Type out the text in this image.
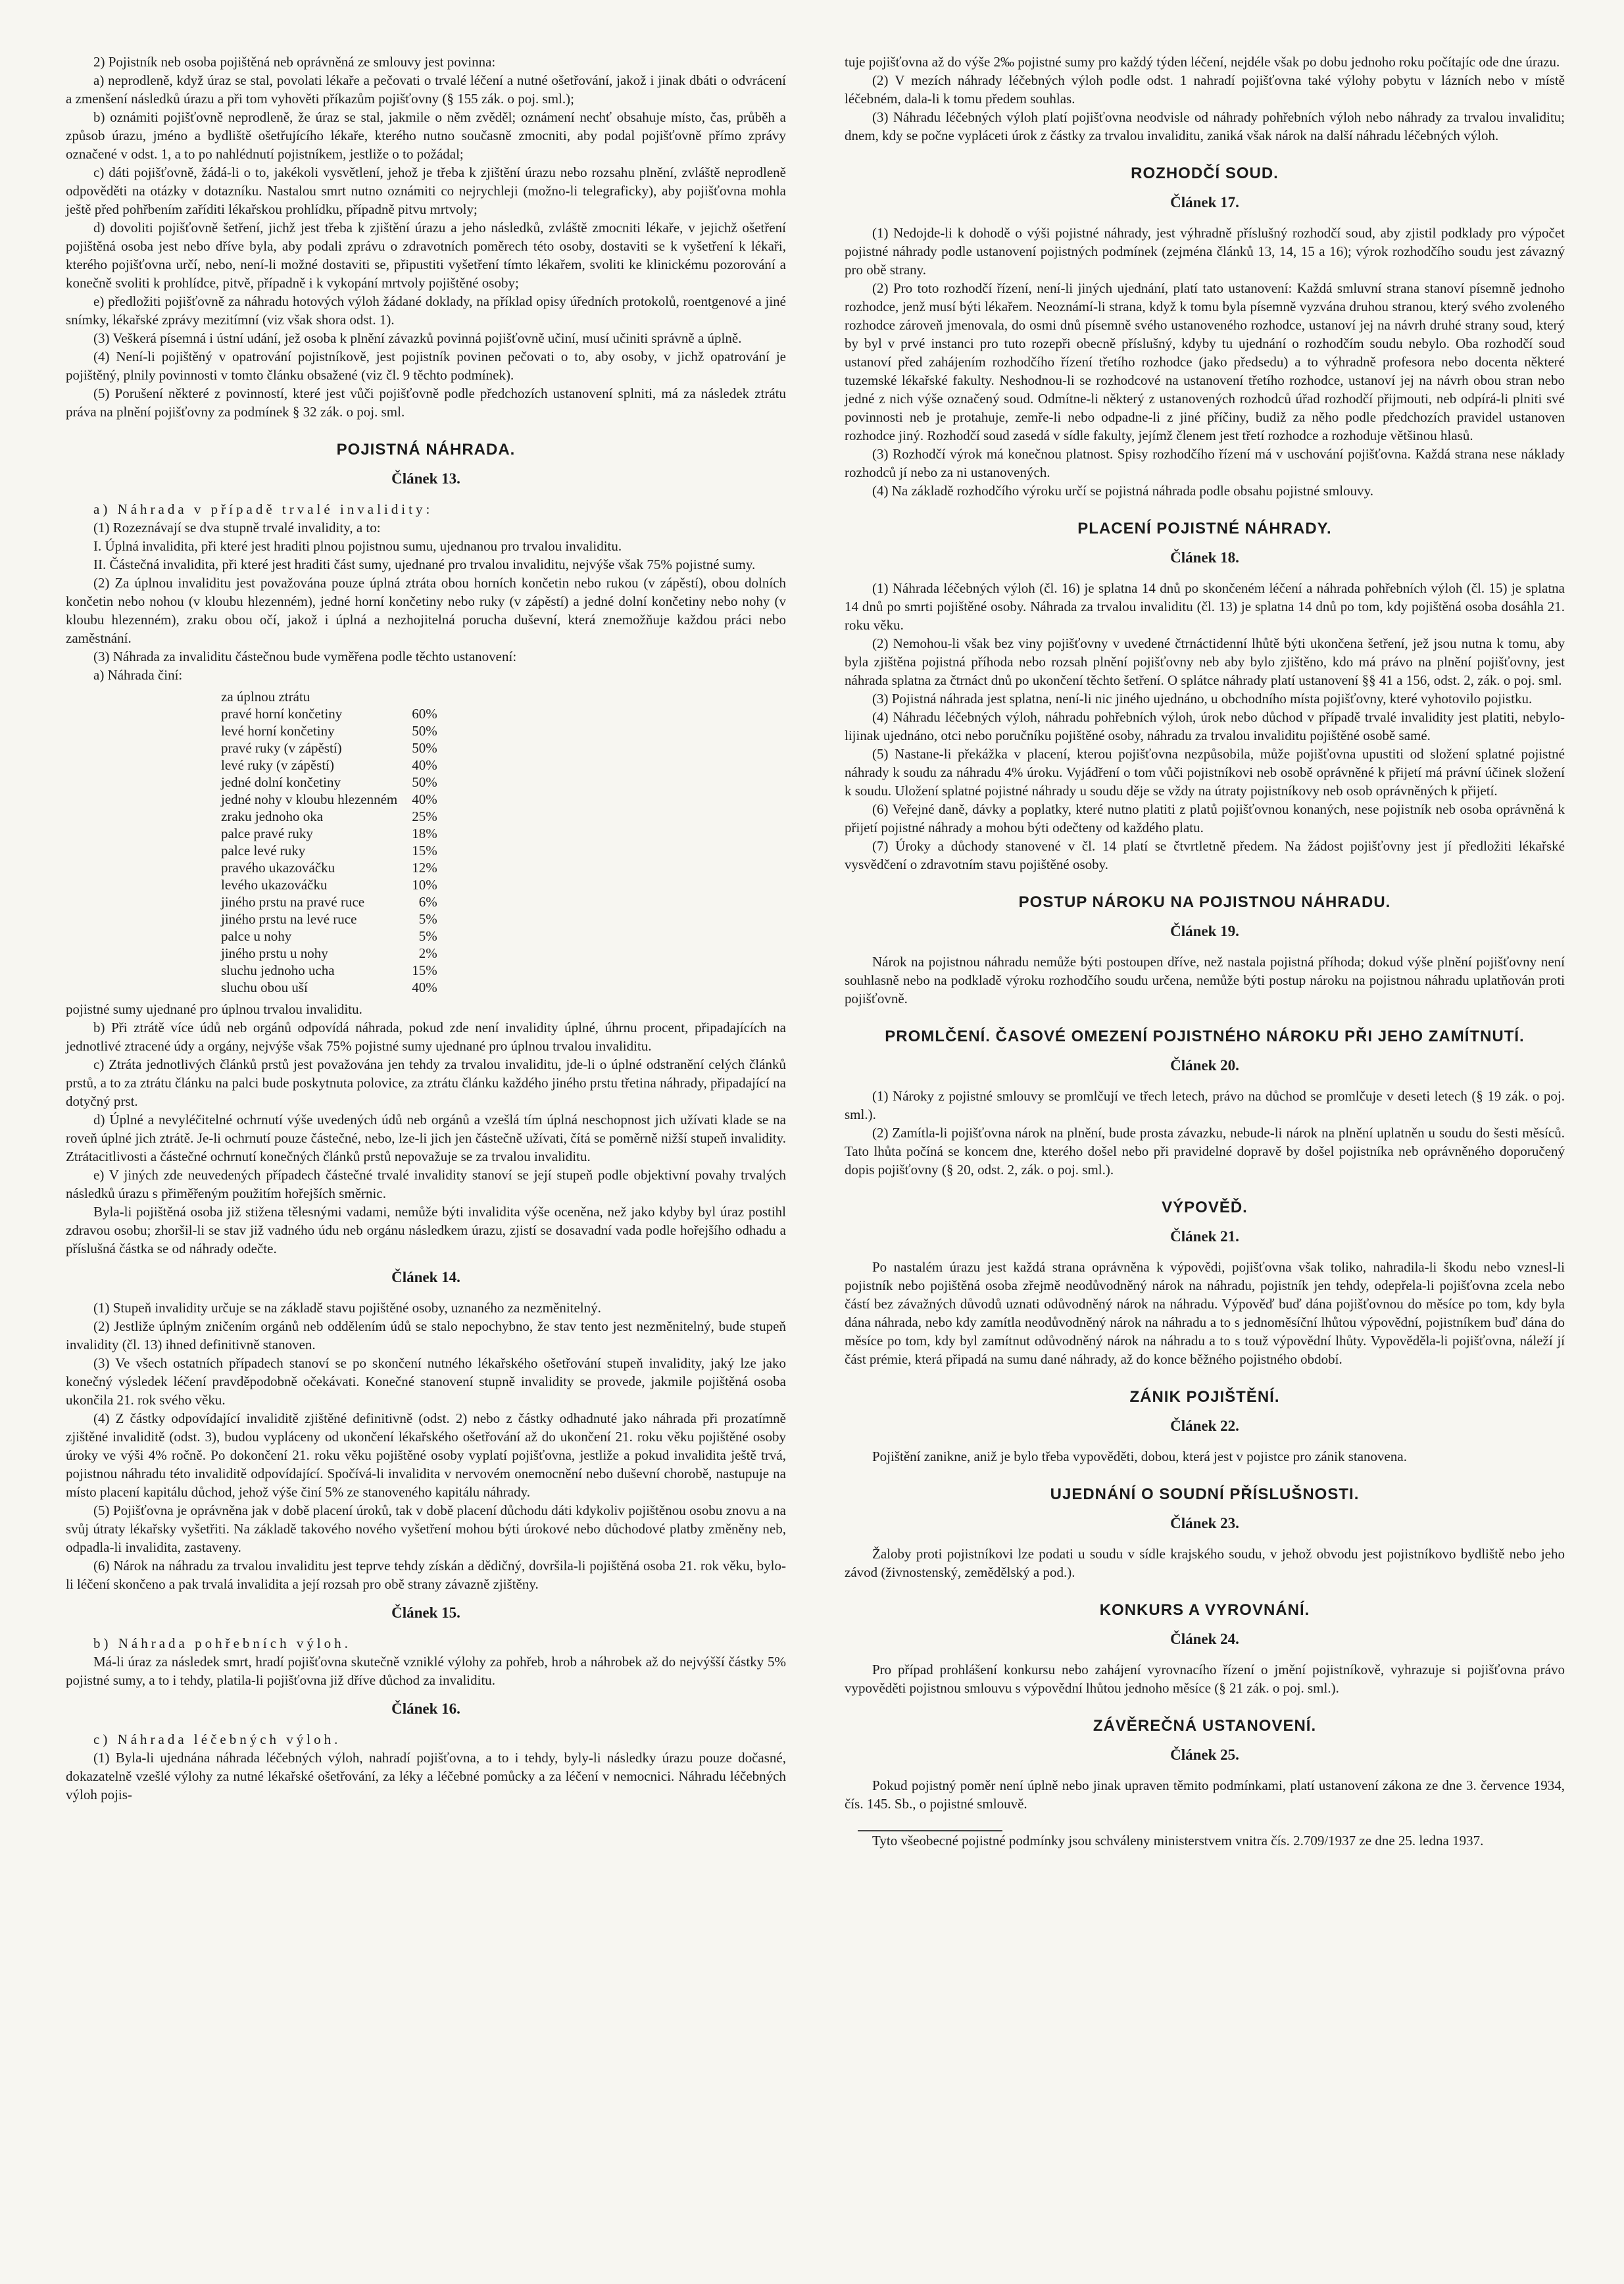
2) Pojistník neb osoba pojištěná neb oprávněná ze smlouvy jest povinna:

a) neprodleně, když úraz se stal, povolati lékaře a pečovati o trvalé léčení a nutné ošetřování, jakož i jinak dbáti o odvrácení a zmenšení následků úrazu a při tom vyhověti příkazům pojišťovny (§ 155 zák. o poj. sml.);

b) oznámiti pojišťovně neprodleně, že úraz se stal, jakmile o něm zvěděl; oznámení nechť obsahuje místo, čas, průběh a způsob úrazu, jméno a bydliště ošetřujícího lékaře, kterého nutno současně zmocniti, aby podal pojišťovně přímo zprávy označené v odst. 1, a to po nahlédnutí pojistníkem, jestliže o to požádal;

c) dáti pojišťovně, žádá-li o to, jakékoli vysvětlení, jehož je třeba k zjištění úrazu nebo rozsahu plnění, zvláště neprodleně odpověděti na otázky v dotazníku. Nastalou smrt nutno oznámiti co nejrychleji (možno-li telegraficky), aby pojišťovna mohla ještě před pohřbením zaříditi lékařskou prohlídku, případně pitvu mrtvoly;

d) dovoliti pojišťovně šetření, jichž jest třeba k zjištění úrazu a jeho následků, zvláště zmocniti lékaře, v jejichž ošetření pojištěná osoba jest nebo dříve byla, aby podali zprávu o zdravotních poměrech této osoby, dostaviti se k vyšetření k lékaři, kterého pojišťovna určí, nebo, není-li možné dostaviti se, připustiti vyšetření tímto lékařem, svoliti ke klinickému pozorování a konečně svoliti k prohlídce, pitvě, případně i k vykopání mrtvoly pojištěné osoby;

e) předložiti pojišťovně za náhradu hotových výloh žádané doklady, na příklad opisy úředních protokolů, roentgenové a jiné snímky, lékařské zprávy mezitímní (viz však shora odst. 1).

(3) Veškerá písemná i ústní udání, jež osoba k plnění závazků povinná pojišťovně učiní, musí učiniti správně a úplně.

(4) Není-li pojištěný v opatrování pojistníkově, jest pojistník povinen pečovati o to, aby osoby, v jichž opatrování je pojištěný, plnily povinnosti v tomto článku obsažené (viz čl. 9 těchto podmínek).

(5) Porušení některé z povinností, které jest vůči pojišťovně podle předchozích ustanovení splniti, má za následek ztrátu práva na plnění pojišťovny za podmínek § 32 zák. o poj. sml.

POJISTNÁ NÁHRADA.
Článek 13.

a) Náhrada v případě trvalé invalidity:

(1) Rozeznávají se dva stupně trvalé invalidity, a to:

I. Úplná invalidita, při které jest hraditi plnou pojistnou sumu, ujednanou pro trvalou invaliditu.

II. Částečná invalidita, při které jest hraditi část sumy, ujednané pro trvalou invaliditu, nejvýše však 75% pojistné sumy.

(2) Za úplnou invaliditu jest považována pouze úplná ztráta obou horních končetin nebo rukou (v zápěstí), obou dolních končetin nebo nohou (v kloubu hlezenném), jedné horní končetiny nebo ruky (v zápěstí) a jedné dolní končetiny nebo nohy (v kloubu hlezenném), zraku obou očí, jakož i úplná a nezhojitelná porucha duševní, která znemožňuje každou práci nebo zaměstnání.

(3) Náhrada za invaliditu částečnou bude vyměřena podle těchto ustanovení:

a) Náhrada činí:

za úplnou ztrátu	
pravé horní končetiny	60%
levé horní končetiny	50%
pravé ruky (v zápěstí)	50%
levé ruky (v zápěstí)	40%
jedné dolní končetiny	50%
jedné nohy v kloubu hlezenném	40%
zraku jednoho oka	25%
palce pravé ruky	18%
palce levé ruky	15%
pravého ukazováčku	12%
levého ukazováčku	10%
jiného prstu na pravé ruce	6%
jiného prstu na levé ruce	5%
palce u nohy	5%
jiného prstu u nohy	2%
sluchu jednoho ucha	15%
sluchu obou uší	40%

pojistné sumy ujednané pro úplnou trvalou invaliditu.

b) Při ztrátě více údů neb orgánů odpovídá náhrada, pokud zde není invalidity úplné, úhrnu procent, připadajících na jednotlivé ztracené údy a orgány, nejvýše však 75% pojistné sumy ujednané pro úplnou trvalou invaliditu.

c) Ztráta jednotlivých článků prstů jest považována jen tehdy za trvalou invaliditu, jde-li o úplné odstranění celých článků prstů, a to za ztrátu článku na palci bude poskytnuta polovice, za ztrátu článku každého jiného prstu třetina náhrady, připadající na dotyčný prst.

d) Úplné a nevyléčitelné ochrnutí výše uvedených údů neb orgánů a vzešlá tím úplná neschopnost jich užívati klade se na roveň úplné jich ztrátě. Je-li ochrnutí pouze částečné, nebo, lze-li jich jen částečně užívati, čítá se poměrně nižší stupeň invalidity. Ztrátacitlivosti a částečné ochrnutí konečných článků prstů nepovažuje se za trvalou invaliditu.

e) V jiných zde neuvedených případech částečné trvalé invalidity stanoví se její stupeň podle objektivní povahy trvalých následků úrazu s přiměřeným použitím hořejších směrnic.

Byla-li pojištěná osoba již stižena tělesnými vadami, nemůže býti invalidita výše oceněna, než jako kdyby byl úraz postihl zdravou osobu; zhoršil-li se stav již vadného údu neb orgánu následkem úrazu, zjistí se dosavadní vada podle hořejšího odhadu a příslušná částka se od náhrady odečte.

Článek 14.

(1) Stupeň invalidity určuje se na základě stavu pojištěné osoby, uznaného za nezměnitelný.

(2) Jestliže úplným zničením orgánů neb oddělením údů se stalo nepochybno, že stav tento jest nezměnitelný, bude stupeň invalidity (čl. 13) ihned definitivně stanoven.

(3) Ve všech ostatních případech stanoví se po skončení nutného lékařského ošetřování stupeň invalidity, jaký lze jako konečný výsledek léčení pravděpodobně očekávati. Konečné stanovení stupně invalidity se provede, jakmile pojištěná osoba ukončila 21. rok svého věku.

(4) Z částky odpovídající invaliditě zjištěné definitivně (odst. 2) nebo z částky odhadnuté jako náhrada při prozatímně zjištěné invaliditě (odst. 3), budou vypláceny od ukončení lékařského ošetřování až do ukončení 21. roku věku pojištěné osoby úroky ve výši 4% ročně. Po dokončení 21. roku věku pojištěné osoby vyplatí pojišťovna, jestliže a pokud invalidita ještě trvá, pojistnou náhradu této invaliditě odpovídající. Spočívá-li invalidita v nervovém onemocnění nebo duševní chorobě, nastupuje na místo placení kapitálu důchod, jehož výše činí 5% ze stanoveného kapitálu náhrady.

(5) Pojišťovna je oprávněna jak v době placení úroků, tak v době placení důchodu dáti kdykoliv pojištěnou osobu znovu a na svůj útraty lékařsky vyšetřiti. Na základě takového nového vyšetření mohou býti úrokové nebo důchodové platby změněny neb, odpadla-li invalidita, zastaveny.

(6) Nárok na náhradu za trvalou invaliditu jest teprve tehdy získán a dědičný, dovršila-li pojištěná osoba 21. rok věku, bylo-li léčení skončeno a pak trvalá invalidita a její rozsah pro obě strany závazně zjištěny.

Článek 15.

b) Náhrada pohřebních výloh.

Má-li úraz za následek smrt, hradí pojišťovna skutečně vzniklé výlohy za pohřeb, hrob a náhrobek až do nejvýšší částky 5% pojistné sumy, a to i tehdy, platila-li pojišťovna již dříve důchod za invaliditu.

Článek 16.

c) Náhrada léčebných výloh.

(1) Byla-li ujednána náhrada léčebných výloh, nahradí pojišťovna, a to i tehdy, byly-li následky úrazu pouze dočasné, dokazatelně vzešlé výlohy za nutné lékařské ošetřování, za léky a léčebné pomůcky a za léčení v nemocnici. Náhradu léčebných výloh pojis-

tuje pojišťovna až do výše 2‰ pojistné sumy pro každý týden léčení, nejdéle však po dobu jednoho roku počítajíc ode dne úrazu.

(2) V mezích náhrady léčebných výloh podle odst. 1 nahradí pojišťovna také výlohy pobytu v lázních nebo v místě léčebném, dala-li k tomu předem souhlas.

(3) Náhradu léčebných výloh platí pojišťovna neodvisle od náhrady pohřebních výloh nebo náhrady za trvalou invaliditu; dnem, kdy se počne vypláceti úrok z částky za trvalou invaliditu, zaniká však nárok na další náhradu léčebných výloh.

ROZHODČÍ SOUD.
Článek 17.

(1) Nedojde-li k dohodě o výši pojistné náhrady, jest výhradně příslušný rozhodčí soud, aby zjistil podklady pro výpočet pojistné náhrady podle ustanovení pojistných podmínek (zejména článků 13, 14, 15 a 16); výrok rozhodčího soudu jest závazný pro obě strany.

(2) Pro toto rozhodčí řízení, není-li jiných ujednání, platí tato ustanovení: Každá smluvní strana stanoví písemně jednoho rozhodce, jenž musí býti lékařem. Neoznámí-li strana, když k tomu byla písemně vyzvána druhou stranou, který svého zvoleného rozhodce zároveň jmenovala, do osmi dnů písemně svého ustanoveného rozhodce, ustanoví jej na návrh druhé strany soud, který by byl v prvé instanci pro tuto rozepři obecně příslušný, kdyby tu ujednání o rozhodčím soudu nebylo. Oba rozhodčí soud ustanoví před zahájením rozhodčího řízení třetího rozhodce (jako předsedu) a to výhradně profesora nebo docenta některé tuzemské lékařské fakulty. Neshodnou-li se rozhodcové na ustanovení třetího rozhodce, ustanoví jej na návrh obou stran nebo jedné z nich výše označený soud. Odmítne-li některý z ustanovených rozhodců úřad rozhodčí přijmouti, neb odpírá-li plniti své povinnosti neb je protahuje, zemře-li nebo odpadne-li z jiné příčiny, budiž za něho podle předchozích pravidel ustanoven rozhodce jiný. Rozhodčí soud zasedá v sídle fakulty, jejímž členem jest třetí rozhodce a rozhoduje většinou hlasů.

(3) Rozhodčí výrok má konečnou platnost. Spisy rozhodčího řízení má v uschování pojišťovna. Každá strana nese náklady rozhodců jí nebo za ni ustanovených.

(4) Na základě rozhodčího výroku určí se pojistná náhrada podle obsahu pojistné smlouvy.

PLACENÍ POJISTNÉ NÁHRADY.
Článek 18.

(1) Náhrada léčebných výloh (čl. 16) je splatna 14 dnů po skončeném léčení a náhrada pohřebních výloh (čl. 15) je splatna 14 dnů po smrti pojištěné osoby. Náhrada za trvalou invaliditu (čl. 13) je splatna 14 dnů po tom, kdy pojištěná osoba dosáhla 21. roku věku.

(2) Nemohou-li však bez viny pojišťovny v uvedené čtrnáctidenní lhůtě býti ukončena šetření, jež jsou nutna k tomu, aby byla zjištěna pojistná příhoda nebo rozsah plnění pojišťovny neb aby bylo zjištěno, kdo má právo na plnění pojišťovny, jest náhrada splatna za čtrnáct dnů po ukončení těchto šetření. O splátce náhrady platí ustanovení §§ 41 a 156, odst. 2, zák. o poj. sml.

(3) Pojistná náhrada jest splatna, není-li nic jiného ujednáno, u obchodního místa pojišťovny, které vyhotovilo pojistku.

(4) Náhradu léčebných výloh, náhradu pohřebních výloh, úrok nebo důchod v případě trvalé invalidity jest platiti, nebylo-lijinak ujednáno, otci nebo poručníku pojištěné osoby, náhradu za trvalou invaliditu pojištěné osobě samé.

(5) Nastane-li překážka v placení, kterou pojišťovna nezpůsobila, může pojišťovna upustiti od složení splatné pojistné náhrady k soudu za náhradu 4% úroku. Vyjádření o tom vůči pojistníkovi neb osobě oprávněné k přijetí má právní účinek složení k soudu. Uložení splatné pojistné náhrady u soudu děje se vždy na útraty pojistníkovy neb osob oprávněných k přijetí.

(6) Veřejné daně, dávky a poplatky, které nutno platiti z platů pojišťovnou konaných, nese pojistník neb osoba oprávněná k přijetí pojistné náhrady a mohou býti odečteny od každého platu.

(7) Úroky a důchody stanovené v čl. 14 platí se čtvrtletně předem. Na žádost pojišťovny jest jí předložiti lékařské vysvědčení o zdravotním stavu pojištěné osoby.

POSTUP NÁROKU NA POJISTNOU NÁHRADU.
Článek 19.

Nárok na pojistnou náhradu nemůže býti postoupen dříve, než nastala pojistná příhoda; dokud výše plnění pojišťovny není souhlasně nebo na podkladě výroku rozhodčího soudu určena, nemůže býti postup nároku na pojistnou náhradu uplatňován proti pojišťovně.

PROMLČENÍ. ČASOVÉ OMEZENÍ POJISTNÉHO NÁROKU PŘI JEHO ZAMÍTNUTÍ.
Článek 20.

(1) Nároky z pojistné smlouvy se promlčují ve třech letech, právo na důchod se promlčuje v deseti letech (§ 19 zák. o poj. sml.).

(2) Zamítla-li pojišťovna nárok na plnění, bude prosta závazku, nebude-li nárok na plnění uplatněn u soudu do šesti měsíců. Tato lhůta počíná se koncem dne, kterého došel nebo při pravidelné dopravě by došel pojistníka neb oprávněného doporučený dopis pojišťovny (§ 20, odst. 2, zák. o poj. sml.).

VÝPOVĚĎ.
Článek 21.

Po nastalém úrazu jest každá strana oprávněna k výpovědi, pojišťovna však toliko, nahradila-li škodu nebo vznesl-li pojistník nebo pojištěná osoba zřejmě neodůvodněný nárok na náhradu, pojistník jen tehdy, odepřela-li pojišťovna zcela nebo částí bez závažných důvodů uznati odůvodněný nárok na náhradu. Výpověď buď dána pojišťovnou do měsíce po tom, kdy byla dána náhrada, nebo kdy zamítla neodůvodněný nárok na náhradu a to s jednoměsíční lhůtou výpovědní, pojistníkem buď dána do měsíce po tom, kdy byl zamítnut odůvodněný nárok na náhradu a to s touž výpovědní lhůty. Vypověděla-li pojišťovna, náleží jí část prémie, která připadá na sumu dané náhrady, až do konce běžného pojistného období.

ZÁNIK POJIŠTĚNÍ.
Článek 22.

Pojištění zanikne, aniž je bylo třeba vypověděti, dobou, která jest v pojistce pro zánik stanovena.

UJEDNÁNÍ O SOUDNÍ PŘÍSLUŠNOSTI.
Článek 23.

Žaloby proti pojistníkovi lze podati u soudu v sídle krajského soudu, v jehož obvodu jest pojistníkovo bydliště nebo jeho závod (živnostenský, zemědělský a pod.).

KONKURS A VYROVNÁNÍ.
Článek 24.

Pro případ prohlášení konkursu nebo zahájení vyrovnacího řízení o jmění pojistníkově, vyhrazuje si pojišťovna právo vypověděti pojistnou smlouvu s výpovědní lhůtou jednoho měsíce (§ 21 zák. o poj. sml.).

ZÁVĚREČNÁ USTANOVENÍ.
Článek 25.

Pokud pojistný poměr není úplně nebo jinak upraven těmito podmínkami, platí ustanovení zákona ze dne 3. července 1934, čís. 145. Sb., o pojistné smlouvě.

Tyto všeobecné pojistné podmínky jsou schváleny ministerstvem vnitra čís. 2.709/1937 ze dne 25. ledna 1937.
